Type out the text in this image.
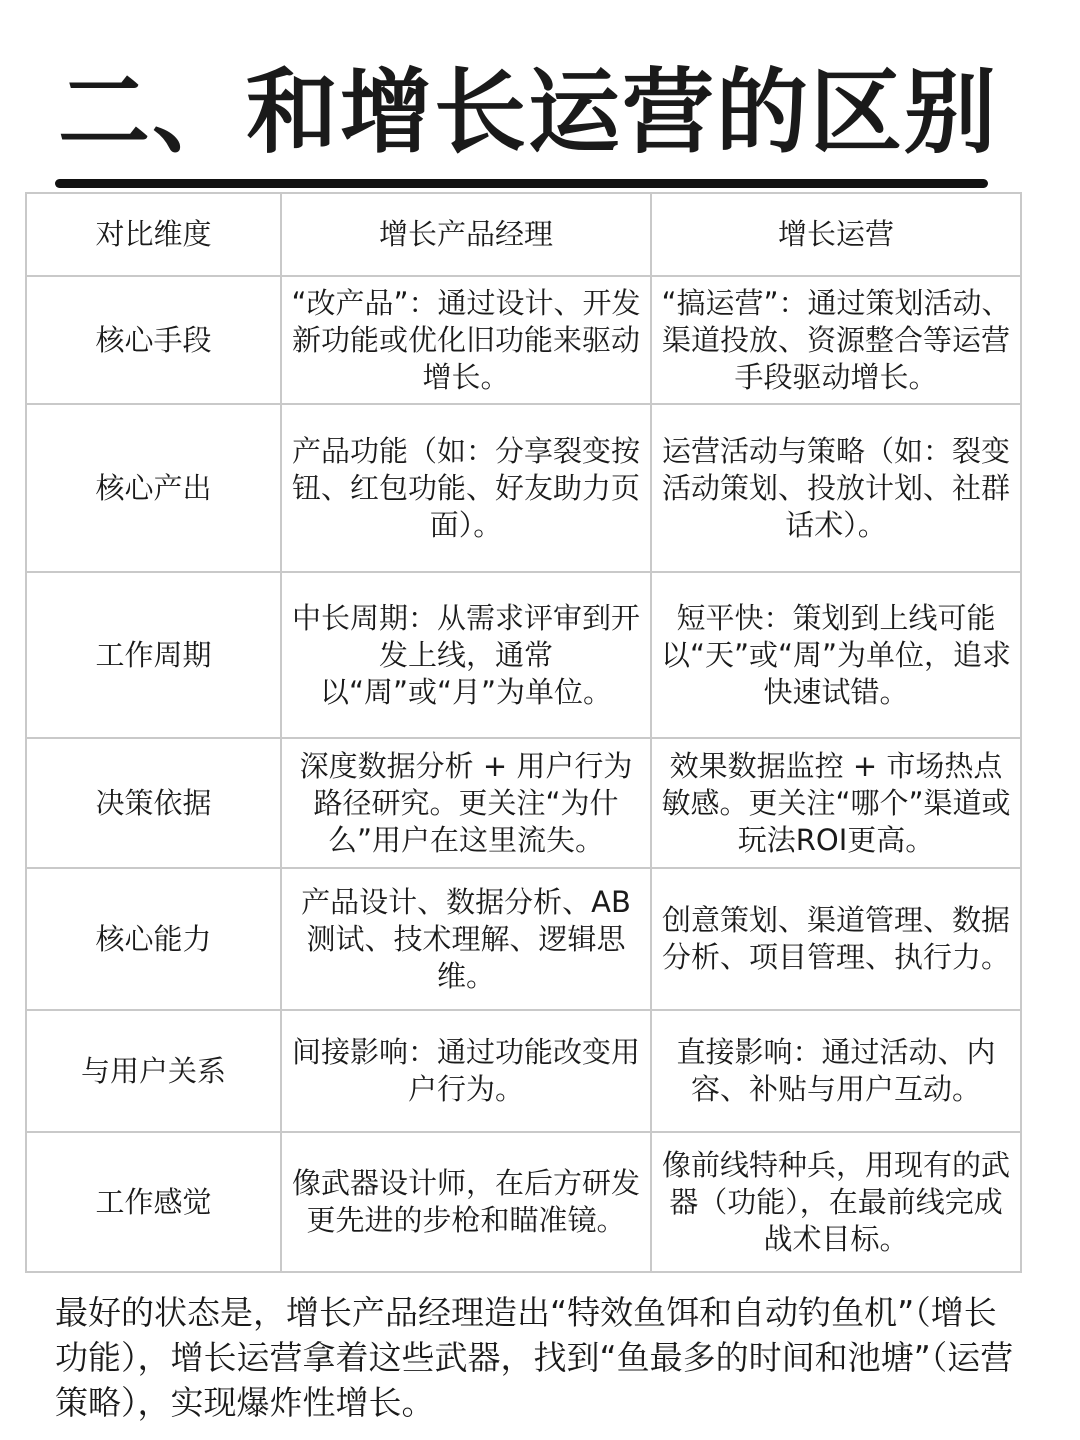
二、和增长运营的区别
对比维度	增长产品经理	增长运营
核心手段	“改产品”：通过设计、开发新功能或优化旧功能来驱动增长。	“搞运营”：通过策划活动、渠道投放、资源整合等运营手段驱动增长。
核心产出	产品功能（如：分享裂变按钮、红包功能、好友助力页面）。	运营活动与策略（如：裂变活动策划、投放计划、社群话术）。
工作周期	中长周期：从需求评审到开发上线，通常以“周”或“月”为单位。	短平快：策划到上线可能以“天”或“周”为单位，追求快速试错。
决策依据	深度数据分析 + 用户行为路径研究。更关注“为什么”用户在这里流失。	效果数据监控 + 市场热点敏感。更关注“哪个”渠道或玩法ROI更高。
核心能力	产品设计、数据分析、AB测试、技术理解、逻辑思维。	创意策划、渠道管理、数据分析、项目管理、执行力。
与用户关系	间接影响：通过功能改变用户行为。	直接影响：通过活动、内容、补贴与用户互动。
工作感觉	像武器设计师，在后方研发更先进的步枪和瞄准镜。	像前线特种兵，用现有的武器（功能），在最前线完成战术目标。
最好的状态是，增长产品经理造出“特效鱼饵和自动钓鱼机”（增长功能），增长运营拿着这些武器，找到“鱼最多的时间和池塘”（运营策略），实现爆炸性增长。
